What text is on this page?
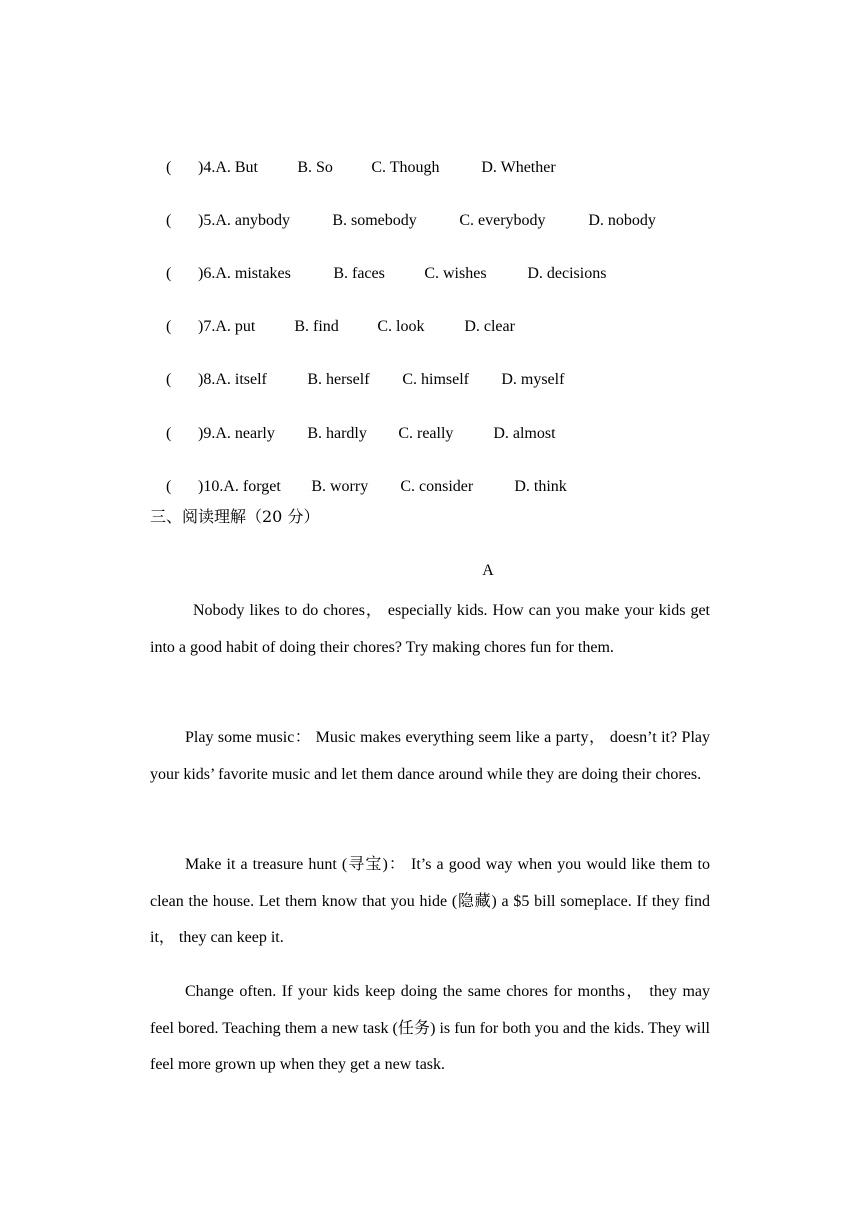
( )4.A. But B. So C. Though	D. Whether

( )5.A. anybody	B. somebody	C. everybody	D. nobody

( )6.A. mistakes	B. faces C. wishes	D. decisions

( )7.A. put B. find C. look D. clear

( )8.A. itself	B. herself C. himself D. myself

( )9.A. nearly B. hardly C. really D. almost

( )10.A. forget B. worry C. consider	D. think

三、阅读理解（20 分）
A

Nobody likes to do chores， especially kids. How can you make your kids get into a good habit of doing their chores? Try making chores fun for them.

Play some music： Music makes everything seem like a party， doesn’t it? Play your kids’ favorite music and let them dance around while they are doing their chores.

Make it a treasure hunt (寻宝)： It’s a good way when you would like them to clean the house. Let them know that you hide (隐藏) a $5 bill someplace. If they find it， they can keep it.

Change often. If your kids keep doing the same chores for months， they may feel bored. Teaching them a new task (任务) is fun for both you and the kids. They will feel more grown up when they get a new task.
